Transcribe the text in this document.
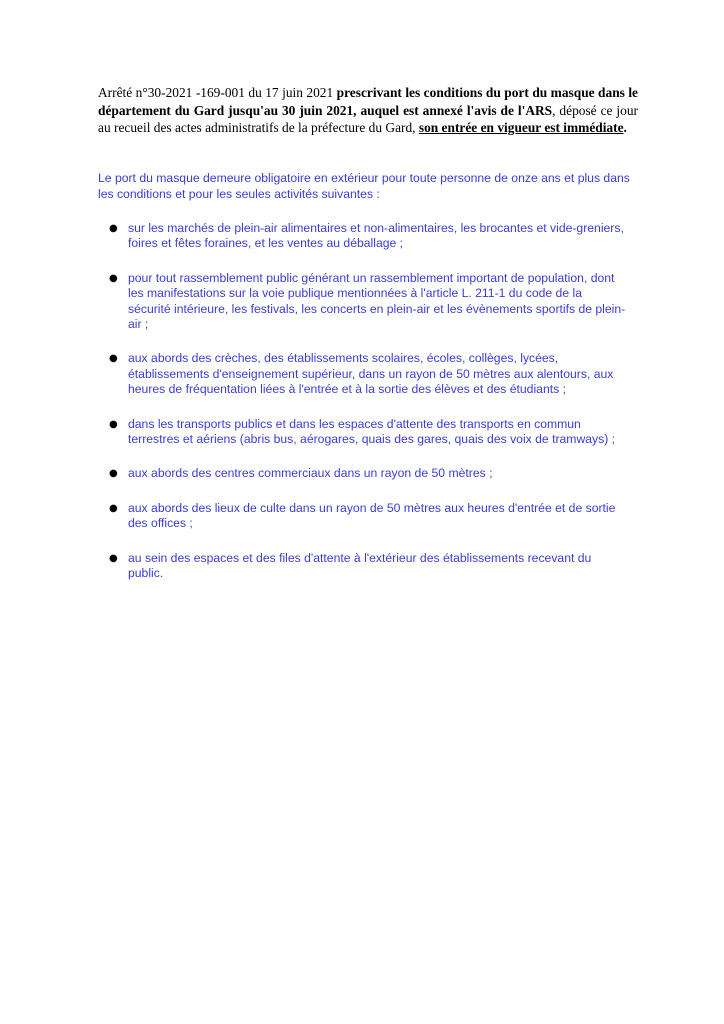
Arrêté n°30-2021 -169-001 du 17 juin 2021 prescrivant les conditions du port du masque dans le département du Gard jusqu'au 30 juin 2021, auquel est annexé l'avis de l'ARS, déposé ce jour au recueil des actes administratifs de la préfecture du Gard, son entrée en vigueur est immédiate.

Le port du masque demeure obligatoire en extérieur pour toute personne de onze ans et plus dans les conditions et pour les seules activités suivantes :

● sur les marchés de plein-air alimentaires et non-alimentaires, les brocantes et vide-greniers, foires et fêtes foraines, et les ventes au déballage ;
● pour tout rassemblement public générant un rassemblement important de population, dont les manifestations sur la voie publique mentionnées à l'article L. 211-1 du code de la sécurité intérieure, les festivals, les concerts en plein-air et les évènements sportifs de plein-air ;
● aux abords des crèches, des établissements scolaires, écoles, collèges, lycées, établissements d'enseignement supérieur, dans un rayon de 50 mètres aux alentours, aux heures de fréquentation liées à l'entrée et à la sortie des élèves et des étudiants ;
● dans les transports publics et dans les espaces d'attente des transports en commun terrestres et aériens (abris bus, aérogares, quais des gares, quais des voix de tramways) ;
● aux abords des centres commerciaux dans un rayon de 50 mètres ;
● aux abords des lieux de culte dans un rayon de 50 mètres aux heures d'entrée et de sortie des offices ;
● au sein des espaces et des files d'attente à l'extérieur des établissements recevant du public.
